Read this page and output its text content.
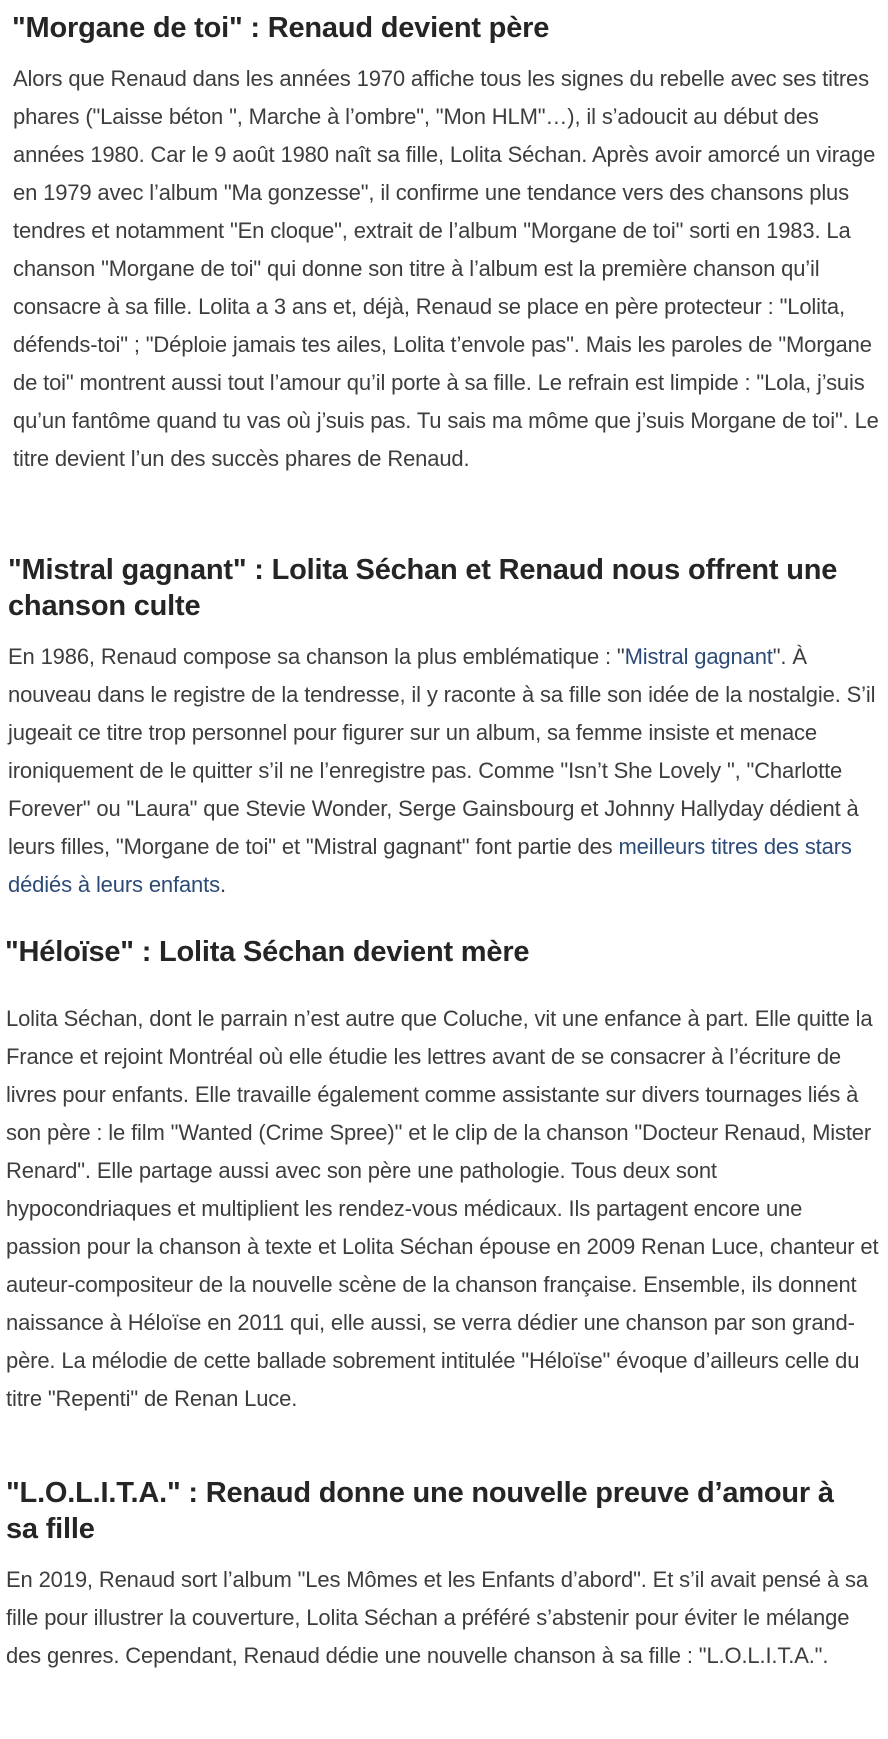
"Morgane de toi" : Renaud devient père

Alors que Renaud dans les années 1970 affiche tous les signes du rebelle avec ses titres phares ("Laisse béton ", Marche à l’ombre", "Mon HLM"…), il s’adoucit au début des années 1980. Car le 9 août 1980 naît sa fille, Lolita Séchan. Après avoir amorcé un virage en 1979 avec l’album "Ma gonzesse", il confirme une tendance vers des chansons plus tendres et notamment "En cloque", extrait de l’album "Morgane de toi" sorti en 1983. La chanson "Morgane de toi" qui donne son titre à l’album est la première chanson qu’il consacre à sa fille. Lolita a 3 ans et, déjà, Renaud se place en père protecteur : "Lolita, défends-toi" ; "Déploie jamais tes ailes, Lolita t’envole pas". Mais les paroles de "Morgane de toi" montrent aussi tout l’amour qu’il porte à sa fille. Le refrain est limpide : "Lola, j’suis qu’un fantôme quand tu vas où j’suis pas. Tu sais ma môme que j’suis Morgane de toi". Le titre devient l’un des succès phares de Renaud.

"Mistral gagnant" : Lolita Séchan et Renaud nous offrent une chanson culte

En 1986, Renaud compose sa chanson la plus emblématique : "Mistral gagnant". À nouveau dans le registre de la tendresse, il y raconte à sa fille son idée de la nostalgie. S’il jugeait ce titre trop personnel pour figurer sur un album, sa femme insiste et menace ironiquement de le quitter s’il ne l’enregistre pas. Comme "Isn’t She Lovely ", "Charlotte Forever" ou "Laura" que Stevie Wonder, Serge Gainsbourg et Johnny Hallyday dédient à leurs filles, "Morgane de toi" et "Mistral gagnant" font partie des meilleurs titres des stars dédiés à leurs enfants.

"Héloïse" : Lolita Séchan devient mère

Lolita Séchan, dont le parrain n’est autre que Coluche, vit une enfance à part. Elle quitte la France et rejoint Montréal où elle étudie les lettres avant de se consacrer à l’écriture de livres pour enfants. Elle travaille également comme assistante sur divers tournages liés à son père : le film "Wanted (Crime Spree)" et le clip de la chanson "Docteur Renaud, Mister Renard". Elle partage aussi avec son père une pathologie. Tous deux sont hypocondriaques et multiplient les rendez-vous médicaux. Ils partagent encore une passion pour la chanson à texte et Lolita Séchan épouse en 2009 Renan Luce, chanteur et auteur-compositeur de la nouvelle scène de la chanson française. Ensemble, ils donnent naissance à Héloïse en 2011 qui, elle aussi, se verra dédier une chanson par son grand-père. La mélodie de cette ballade sobrement intitulée "Héloïse" évoque d’ailleurs celle du titre "Repenti" de Renan Luce.

"L.O.L.I.T.A." : Renaud donne une nouvelle preuve d’amour à sa fille

En 2019, Renaud sort l’album "Les Mômes et les Enfants d’abord". Et s’il avait pensé à sa fille pour illustrer la couverture, Lolita Séchan a préféré s’abstenir pour éviter le mélange des genres. Cependant, Renaud dédie une nouvelle chanson à sa fille : "L.O.L.I.T.A.".
